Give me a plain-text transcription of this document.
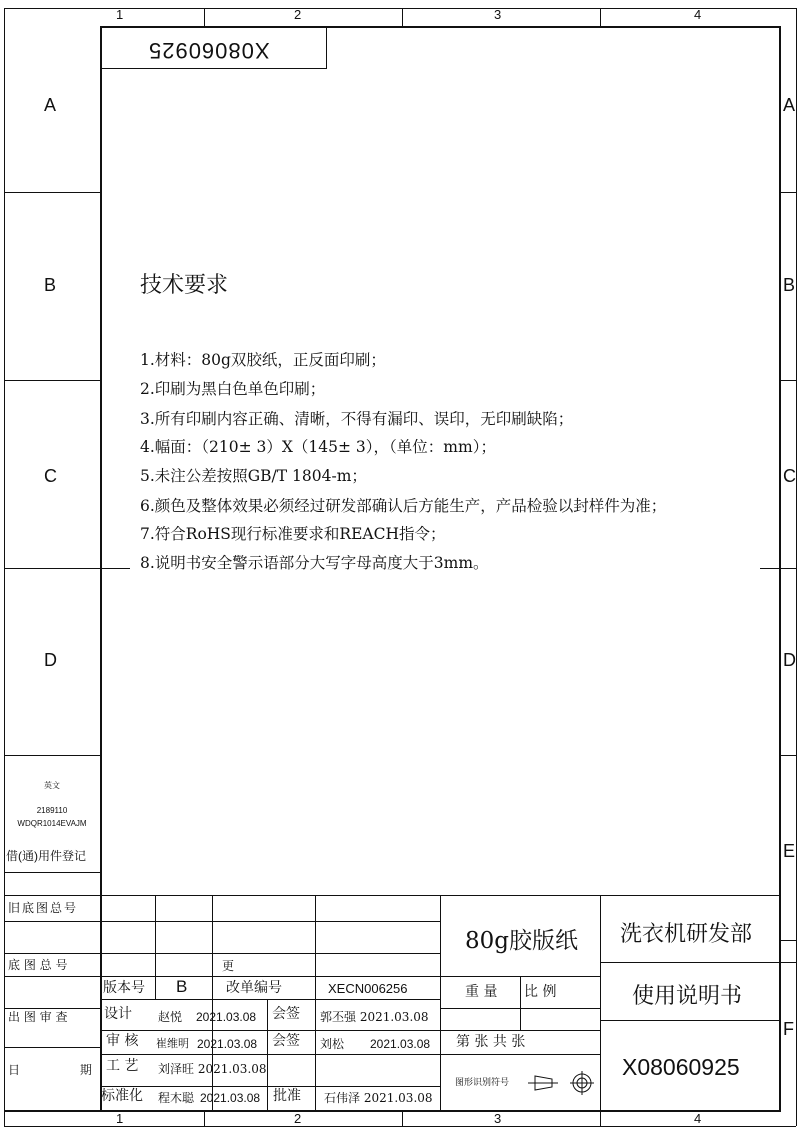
1	2	3	4
1	2	3	4
A
B
C
D
A
B
C
D
E
F
X08060925
技术要求
1.材料：80g双胶纸，正反面印刷；
2.印刷为黑白色单色印刷；
3.所有印刷内容正确、清晰，不得有漏印、误印，无印刷缺陷；
4.幅面：（210± 3）X（145± 3），（单位：mm）；
5.未注公差按照GB/T 1804-m；
6.颜色及整体效果必须经过研发部确认后方能生产，产品检验以封样件为准；
7.符合RoHS现行标准要求和REACH指令；
8.说明书安全警示语部分大写字母高度大于3mm。
英文
2189110
WDQR1014EVAJM
借(通)用件登记
旧底图总号
底 图 总 号
出 图 审 查
日 期
更
版本号 B	改单编号	XECN006256
设计 赵悦 2021.03.08 会签 郭丕强 2021.03.08
审 核 崔维明 2021.03.08 会签 刘松 2021.03.08
工 艺 刘泽旺 2021.03.08
标准化 程木聪 2021.03.08 批准 石伟泽 2021.03.08
80g胶版纸
重 量 比 例
第 张 共 张
图形识别符号
洗衣机研发部
使用说明书
X08060925
